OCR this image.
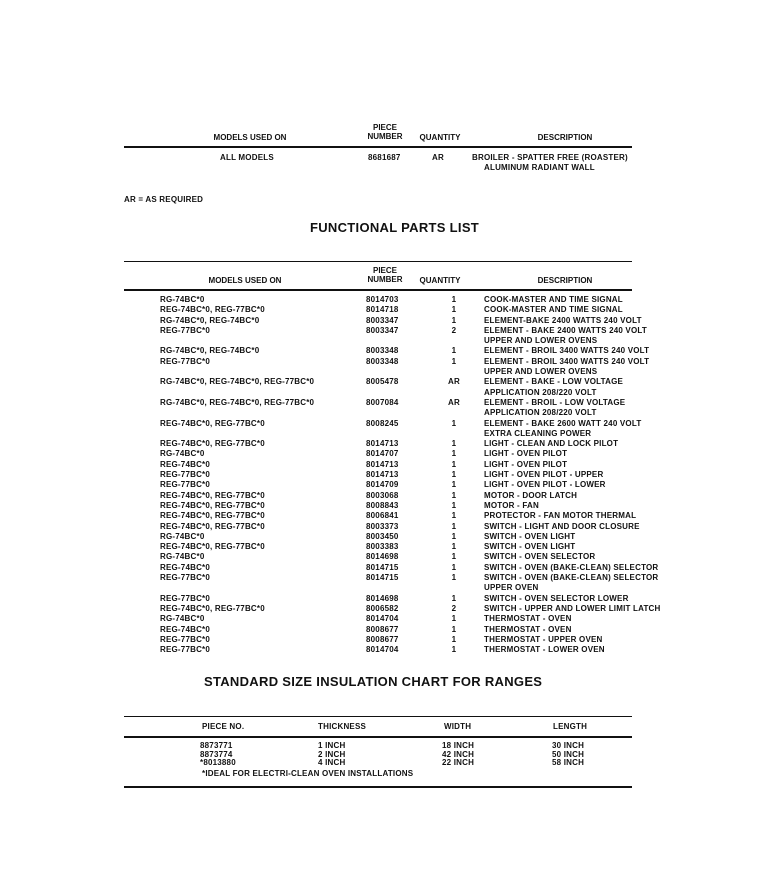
MODELS USED ON
PIECE
NUMBER	QUANTITY	DESCRIPTION
ALL MODELS	8681687	AR	BROILER - SPATTER FREE (ROASTER)
ALUMINUM RADIANT WALL
AR = AS REQUIRED
FUNCTIONAL PARTS LIST
MODELS USED ON
PIECE
NUMBER	QUANTITY	DESCRIPTION
RG-74BC*0	8014703	1	COOK-MASTER AND TIME SIGNAL
REG-74BC*0, REG-77BC*0	8014718	1	COOK-MASTER AND TIME SIGNAL
RG-74BC*0, REG-74BC*0	8003347	1	ELEMENT-BAKE 2400 WATTS 240 VOLT
REG-77BC*0	8003347	2	ELEMENT - BAKE 2400 WATTS 240 VOLT
			UPPER AND LOWER OVENS
RG-74BC*0, REG-74BC*0	8003348	1	ELEMENT - BROIL 3400 WATTS 240 VOLT
REG-77BC*0	8003348	1	ELEMENT - BROIL 3400 WATTS 240 VOLT
			UPPER AND LOWER OVENS
RG-74BC*0, REG-74BC*0, REG-77BC*0	8005478	AR	ELEMENT - BAKE - LOW VOLTAGE
			APPLICATION 208/220 VOLT
RG-74BC*0, REG-74BC*0, REG-77BC*0	8007084	AR	ELEMENT - BROIL - LOW VOLTAGE
			APPLICATION 208/220 VOLT
REG-74BC*0, REG-77BC*0	8008245	1	ELEMENT - BAKE 2600 WATT 240 VOLT
			EXTRA CLEANING POWER
REG-74BC*0, REG-77BC*0	8014713	1	LIGHT - CLEAN AND LOCK PILOT
RG-74BC*0	8014707	1	LIGHT - OVEN PILOT
REG-74BC*0	8014713	1	LIGHT - OVEN PILOT
REG-77BC*0	8014713	1	LIGHT - OVEN PILOT - UPPER
REG-77BC*0	8014709	1	LIGHT - OVEN PILOT - LOWER
REG-74BC*0, REG-77BC*0	8003068	1	MOTOR - DOOR LATCH
REG-74BC*0, REG-77BC*0	8008843	1	MOTOR - FAN
REG-74BC*0, REG-77BC*0	8006841	1	PROTECTOR - FAN MOTOR THERMAL
REG-74BC*0, REG-77BC*0	8003373	1	SWITCH - LIGHT AND DOOR CLOSURE
RG-74BC*0	8003450	1	SWITCH - OVEN LIGHT
REG-74BC*0, REG-77BC*0	8003383	1	SWITCH - OVEN LIGHT
RG-74BC*0	8014698	1	SWITCH - OVEN SELECTOR
REG-74BC*0	8014715	1	SWITCH - OVEN (BAKE-CLEAN) SELECTOR
REG-77BC*0	8014715	1	SWITCH - OVEN (BAKE-CLEAN) SELECTOR
			UPPER OVEN
REG-77BC*0	8014698	1	SWITCH - OVEN SELECTOR LOWER
REG-74BC*0, REG-77BC*0	8006582	2	SWITCH - UPPER AND LOWER LIMIT LATCH
RG-74BC*0	8014704	1	THERMOSTAT - OVEN
REG-74BC*0	8008677	1	THERMOSTAT - OVEN
REG-77BC*0	8008677	1	THERMOSTAT - UPPER OVEN
REG-77BC*0	8014704	1	THERMOSTAT - LOWER OVEN
STANDARD SIZE INSULATION CHART FOR RANGES
PIECE NO.	THICKNESS	WIDTH	LENGTH
8873771	1 INCH	18 INCH	30 INCH
8873774	2 INCH	42 INCH	50 INCH
*8013880	4 INCH	22 INCH	58 INCH
*IDEAL FOR ELECTRI-CLEAN OVEN INSTALLATIONS
